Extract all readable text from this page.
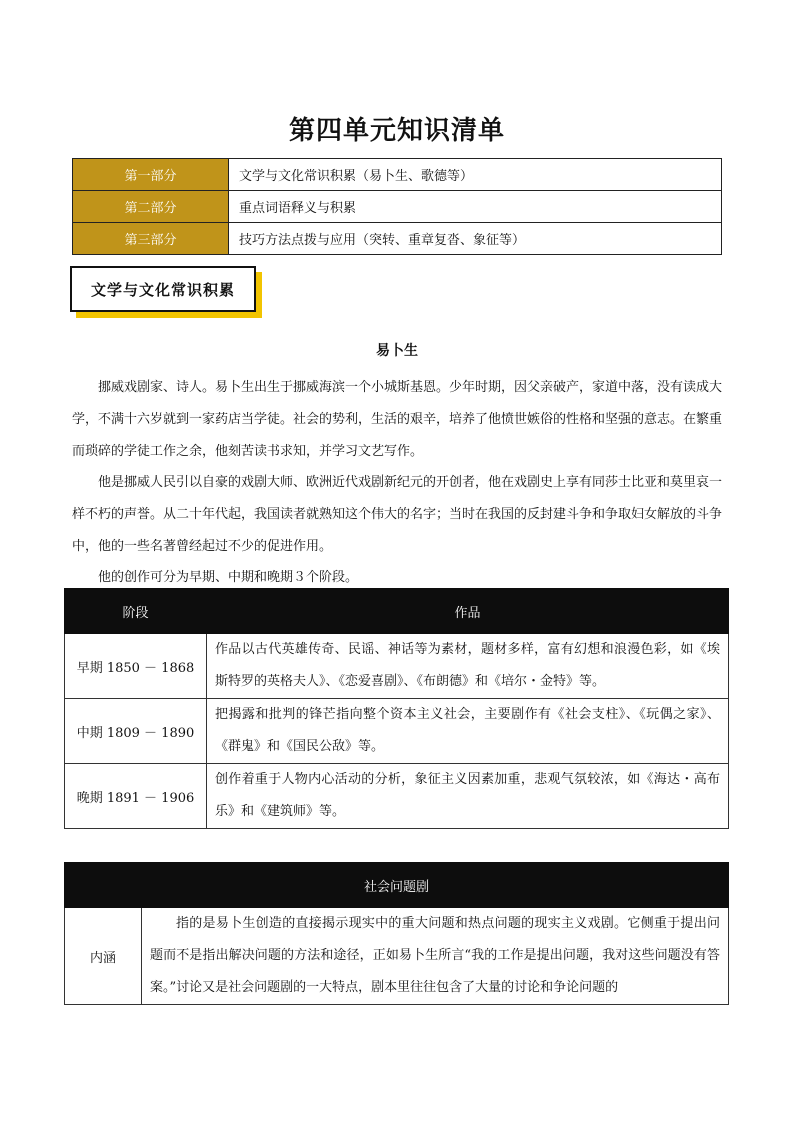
第四单元知识清单
第一部分	文学与文化常识积累（易卜生、歌德等）
第二部分	重点词语释义与积累
第三部分	技巧方法点拨与应用（突转、重章复沓、象征等）
文学与文化常识积累
易卜生

挪威戏剧家、诗人。易卜生出生于挪威海滨一个小城斯基恩。少年时期，因父亲破产，家道中落，没有读成大学，不满十六岁就到一家药店当学徒。社会的势利，生活的艰辛，培养了他愤世嫉俗的性格和坚强的意志。在繁重而琐碎的学徒工作之余，他刻苦读书求知，并学习文艺写作。

他是挪威人民引以自豪的戏剧大师、欧洲近代戏剧新纪元的开创者，他在戏剧史上享有同莎士比亚和莫里哀一样不朽的声誉。从二十年代起，我国读者就熟知这个伟大的名字；当时在我国的反封建斗争和争取妇女解放的斗争中，他的一些名著曾经起过不少的促进作用。

他的创作可分为早期、中期和晚期３个阶段。

阶段	作品
早期 1850 － 1868	作品以古代英雄传奇、民谣、神话等为素材，题材多样，富有幻想和浪漫色彩，如《埃斯特罗的英格夫人》、《恋爱喜剧》、《布朗德》和《培尔・金特》等。
中期 1809 － 1890	把揭露和批判的锋芒指向整个资本主义社会，主要剧作有《社会支柱》、《玩偶之家》、《群鬼》和《国民公敌》等。
晚期 1891 － 1906	创作着重于人物内心活动的分析，象征主义因素加重，悲观气氛较浓，如《海达・高布乐》和《建筑师》等。
社会问题剧
内涵	指的是易卜生创造的直接揭示现实中的重大问题和热点问题的现实主义戏剧。它侧重于提出问题而不是指出解决问题的方法和途径，正如易卜生所言“我的工作是提出问题，我对这些问题没有答案。”讨论又是社会问题剧的一大特点，剧本里往往包含了大量的讨论和争论问题的
